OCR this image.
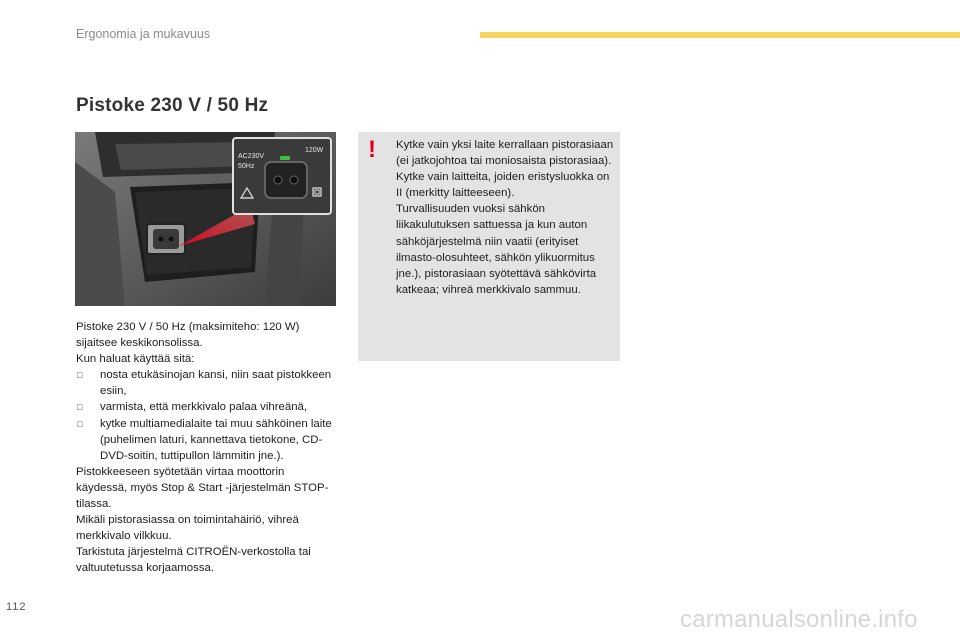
Ergonomia ja mukavuus
Pistoke 230 V / 50 Hz
AC230V
50Hz
120W

Pistoke 230 V / 50 Hz (maksimiteho: 120 W) sijaitsee keskikonsolissa.

Kun haluat käyttää sitä:

□ nosta etukäsinojan kansi, niin saat pistokkeen esiin,
□ varmista, että merkkivalo palaa vihreänä,
□ kytke multiamedialaite tai muu sähköinen laite (puhelimen laturi, kannettava tietokone, CD-DVD-soitin, tuttipullon lämmitin jne.).

Pistokkeeseen syötetään virtaa moottorin käydessä, myös Stop & Start -järjestelmän STOP-tilassa.

Mikäli pistorasiassa on toimintahäiriö, vihreä merkkivalo vilkkuu.

Tarkistuta järjestelmä CITROËN-verkostolla tai valtuutetussa korjaamossa.

! Kytke vain yksi laite kerrallaan pistorasiaan (ei jatkojohtoa tai moniosaista pistorasiaa).

Kytke vain laitteita, joiden eristysluokka on II (merkitty laitteeseen).

Turvallisuuden vuoksi sähkön liikakulutuksen sattuessa ja kun auton sähköjärjestelmä niin vaatii (erityiset ilmasto-olosuhteet, sähkön ylikuormitus jne.), pistorasiaan syötettävä sähkövirta katkeaa; vihreä merkkivalo sammuu.

112	carmanualsonline.info
